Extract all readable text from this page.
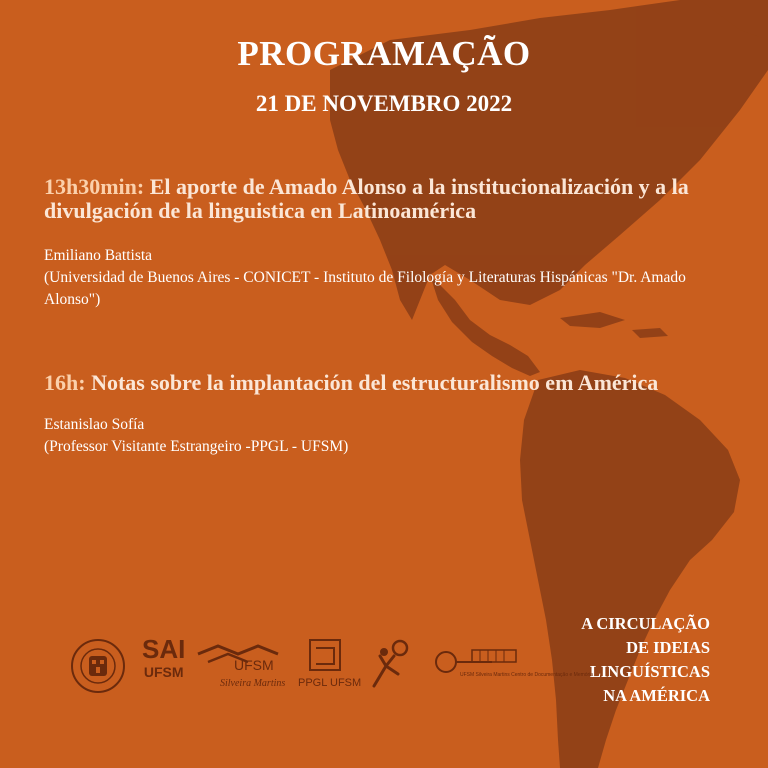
PROGRAMAÇÃO
21 DE NOVEMBRO 2022
13h30min: El aporte de Amado Alonso a la institucionalización y a la divulgación de la linguistica en Latinoamérica
Emiliano Battista
(Universidad de Buenos Aires - CONICET - Instituto de Filología y Literaturas Hispánicas "Dr. Amado Alonso")
16h: Notas sobre la implantación del estructuralismo em América
Estanislao Sofía
(Professor Visitante Estrangeiro -PPGL - UFSM)
A CIRCULAÇÃO
DE IDEIAS
LINGUÍSTICAS
NA AMÉRICA
SAI
UFSM	UFSM
Silveira Martins PPGL UFSM
UFSM Silveira Martins Centro de Documentação e Memória
